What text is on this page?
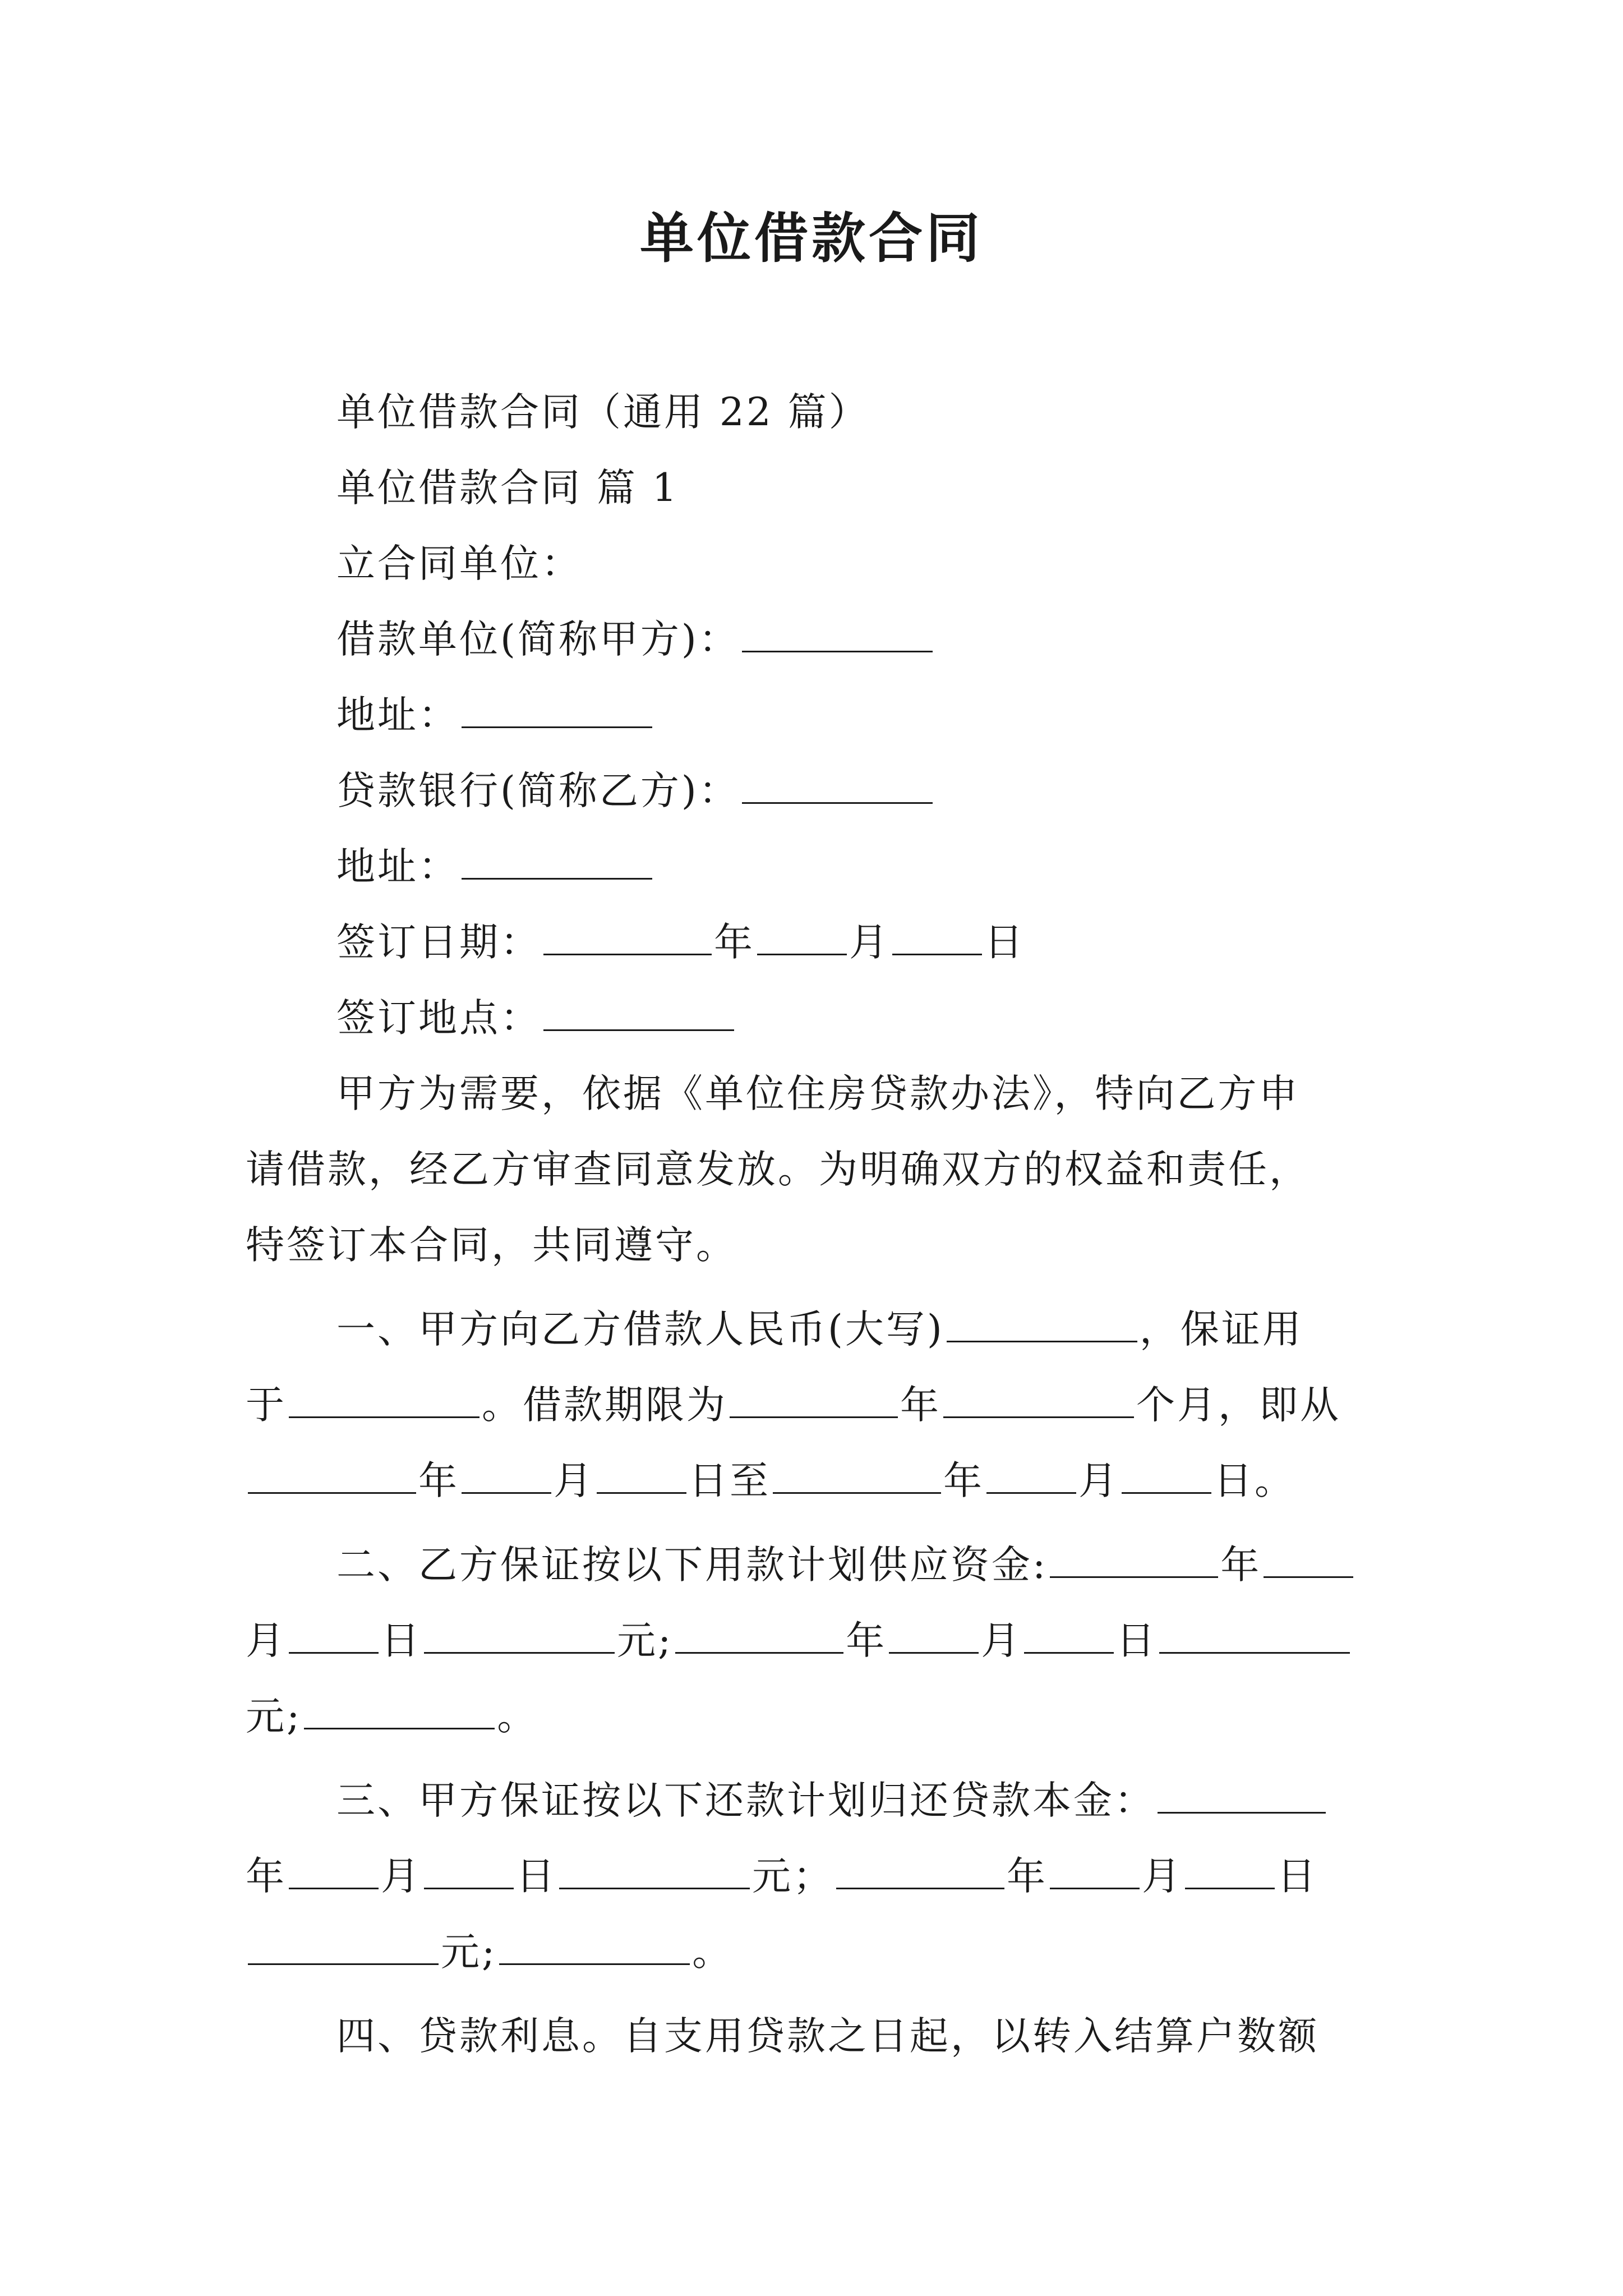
单位借款合同
单位借款合同（通用 22 篇）
单位借款合同 篇 1
立合同单位：
借款单位(简称甲方)：
地址：
贷款银行(简称乙方)：
地址：
签订日期：	年 月 日
签订地点：
甲方为需要，依据《单位住房贷款办法》，特向乙方申
请借款，经乙方审查同意发放。为明确双方的权益和责任，
特签订本合同，共同遵守。
一、甲方向乙方借款人民币(大写)	，保证用
于	。借款期限为	年	个月，即从
年 月 日至	年 月 日。
二、乙方保证按以下用款计划供应资金:	年
月 日	元;	年 月 日
元;	。
三、甲方保证按以下还款计划归还贷款本金：
年 月 日	元；	年 月 日
元;	。
四、贷款利息。自支用贷款之日起，以转入结算户数额
